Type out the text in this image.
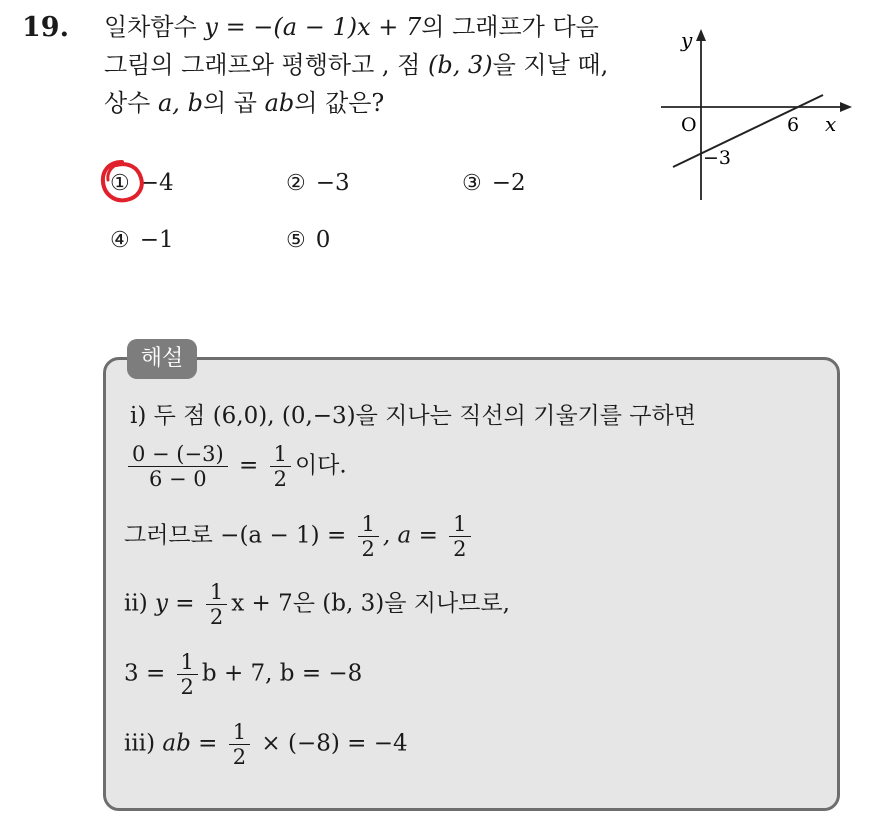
19. 일차함수 y = −(a − 1)x + 7의 그래프가 다음
그림의 그래프와 평행하고 , 점 (b, 3)을 지날 때,
상수 a, b의 곱 ab의 값은?
① −4	② −3	③ −2
④ −1	⑤ 0
y
x
O	6
−3
해설
ⅰ) 두 점 (6,0), (0,−3)을 지나는 직선의 기울기를 구하면
$\frac{0 - (-3)}{6 - 0} = \frac{1}{2}$ 이다.
그러므로 $-(a - 1) = \frac{1}{2}$ , $a = \frac{1}{2}$
ⅱ) $y = \frac{1}{2}$ x + 7은 (b, 3)을 지나므로,
$3 = \frac{1}{2}$ b + 7, b = −8
ⅲ) ab = $\frac{1}{2} \times (-8) = -4$
